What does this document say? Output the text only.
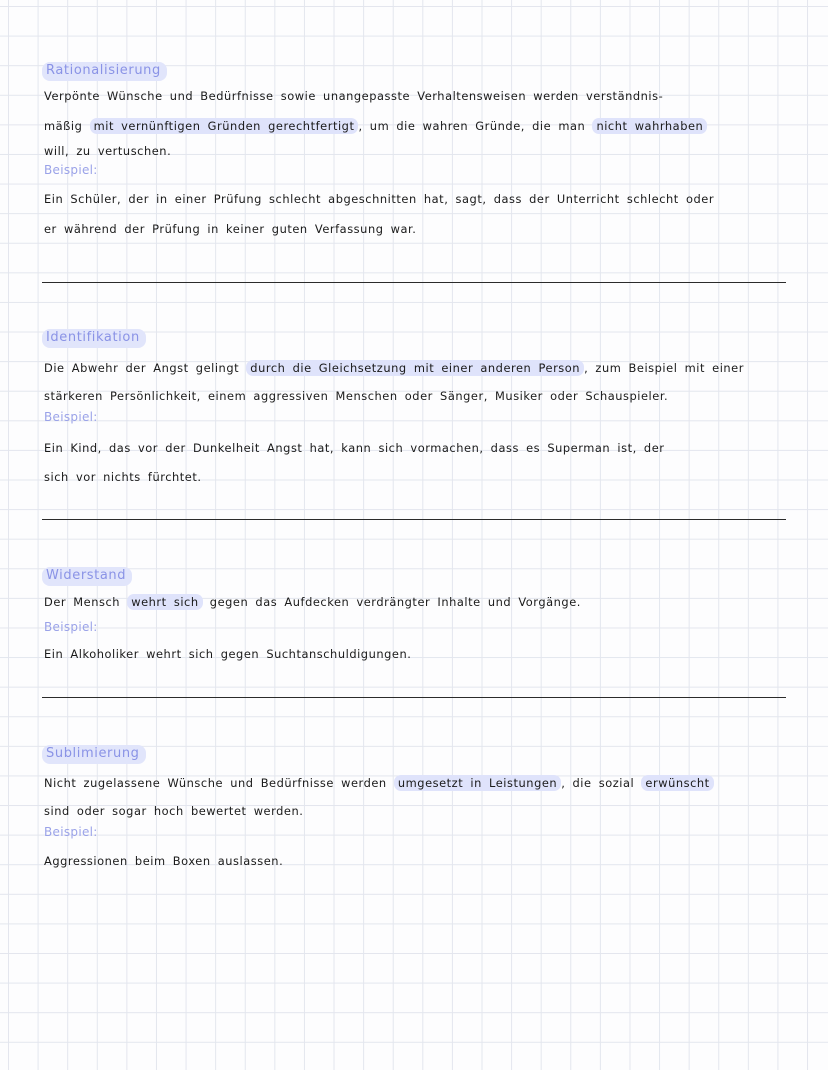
Rationalisierung
Verpönte Wünsche und Bedürfnisse sowie unangepasste Verhaltensweisen werden verständnis-
mäßig mit vernünftigen Gründen gerechtfertigt , um die wahren Gründe, die man nicht wahrhaben
will, zu vertuschen.
Beispiel:
Ein Schüler, der in einer Prüfung schlecht abgeschnitten hat, sagt, dass der Unterricht schlecht oder
er während der Prüfung in keiner guten Verfassung war.
Identifikation
Die Abwehr der Angst gelingt durch die Gleichsetzung mit einer anderen Person , zum Beispiel mit einer
stärkeren Persönlichkeit, einem aggressiven Menschen oder Sänger, Musiker oder Schauspieler.
Beispiel:
Ein Kind, das vor der Dunkelheit Angst hat, kann sich vormachen, dass es Superman ist, der
sich vor nichts fürchtet.
Widerstand
Der Mensch wehrt sich gegen das Aufdecken verdrängter Inhalte und Vorgänge.
Beispiel:
Ein Alkoholiker wehrt sich gegen Suchtanschuldigungen.
Sublimierung
Nicht zugelassene Wünsche und Bedürfnisse werden umgesetzt in Leistungen , die sozial erwünscht
sind oder sogar hoch bewertet werden.
Beispiel:
Aggressionen beim Boxen auslassen.
